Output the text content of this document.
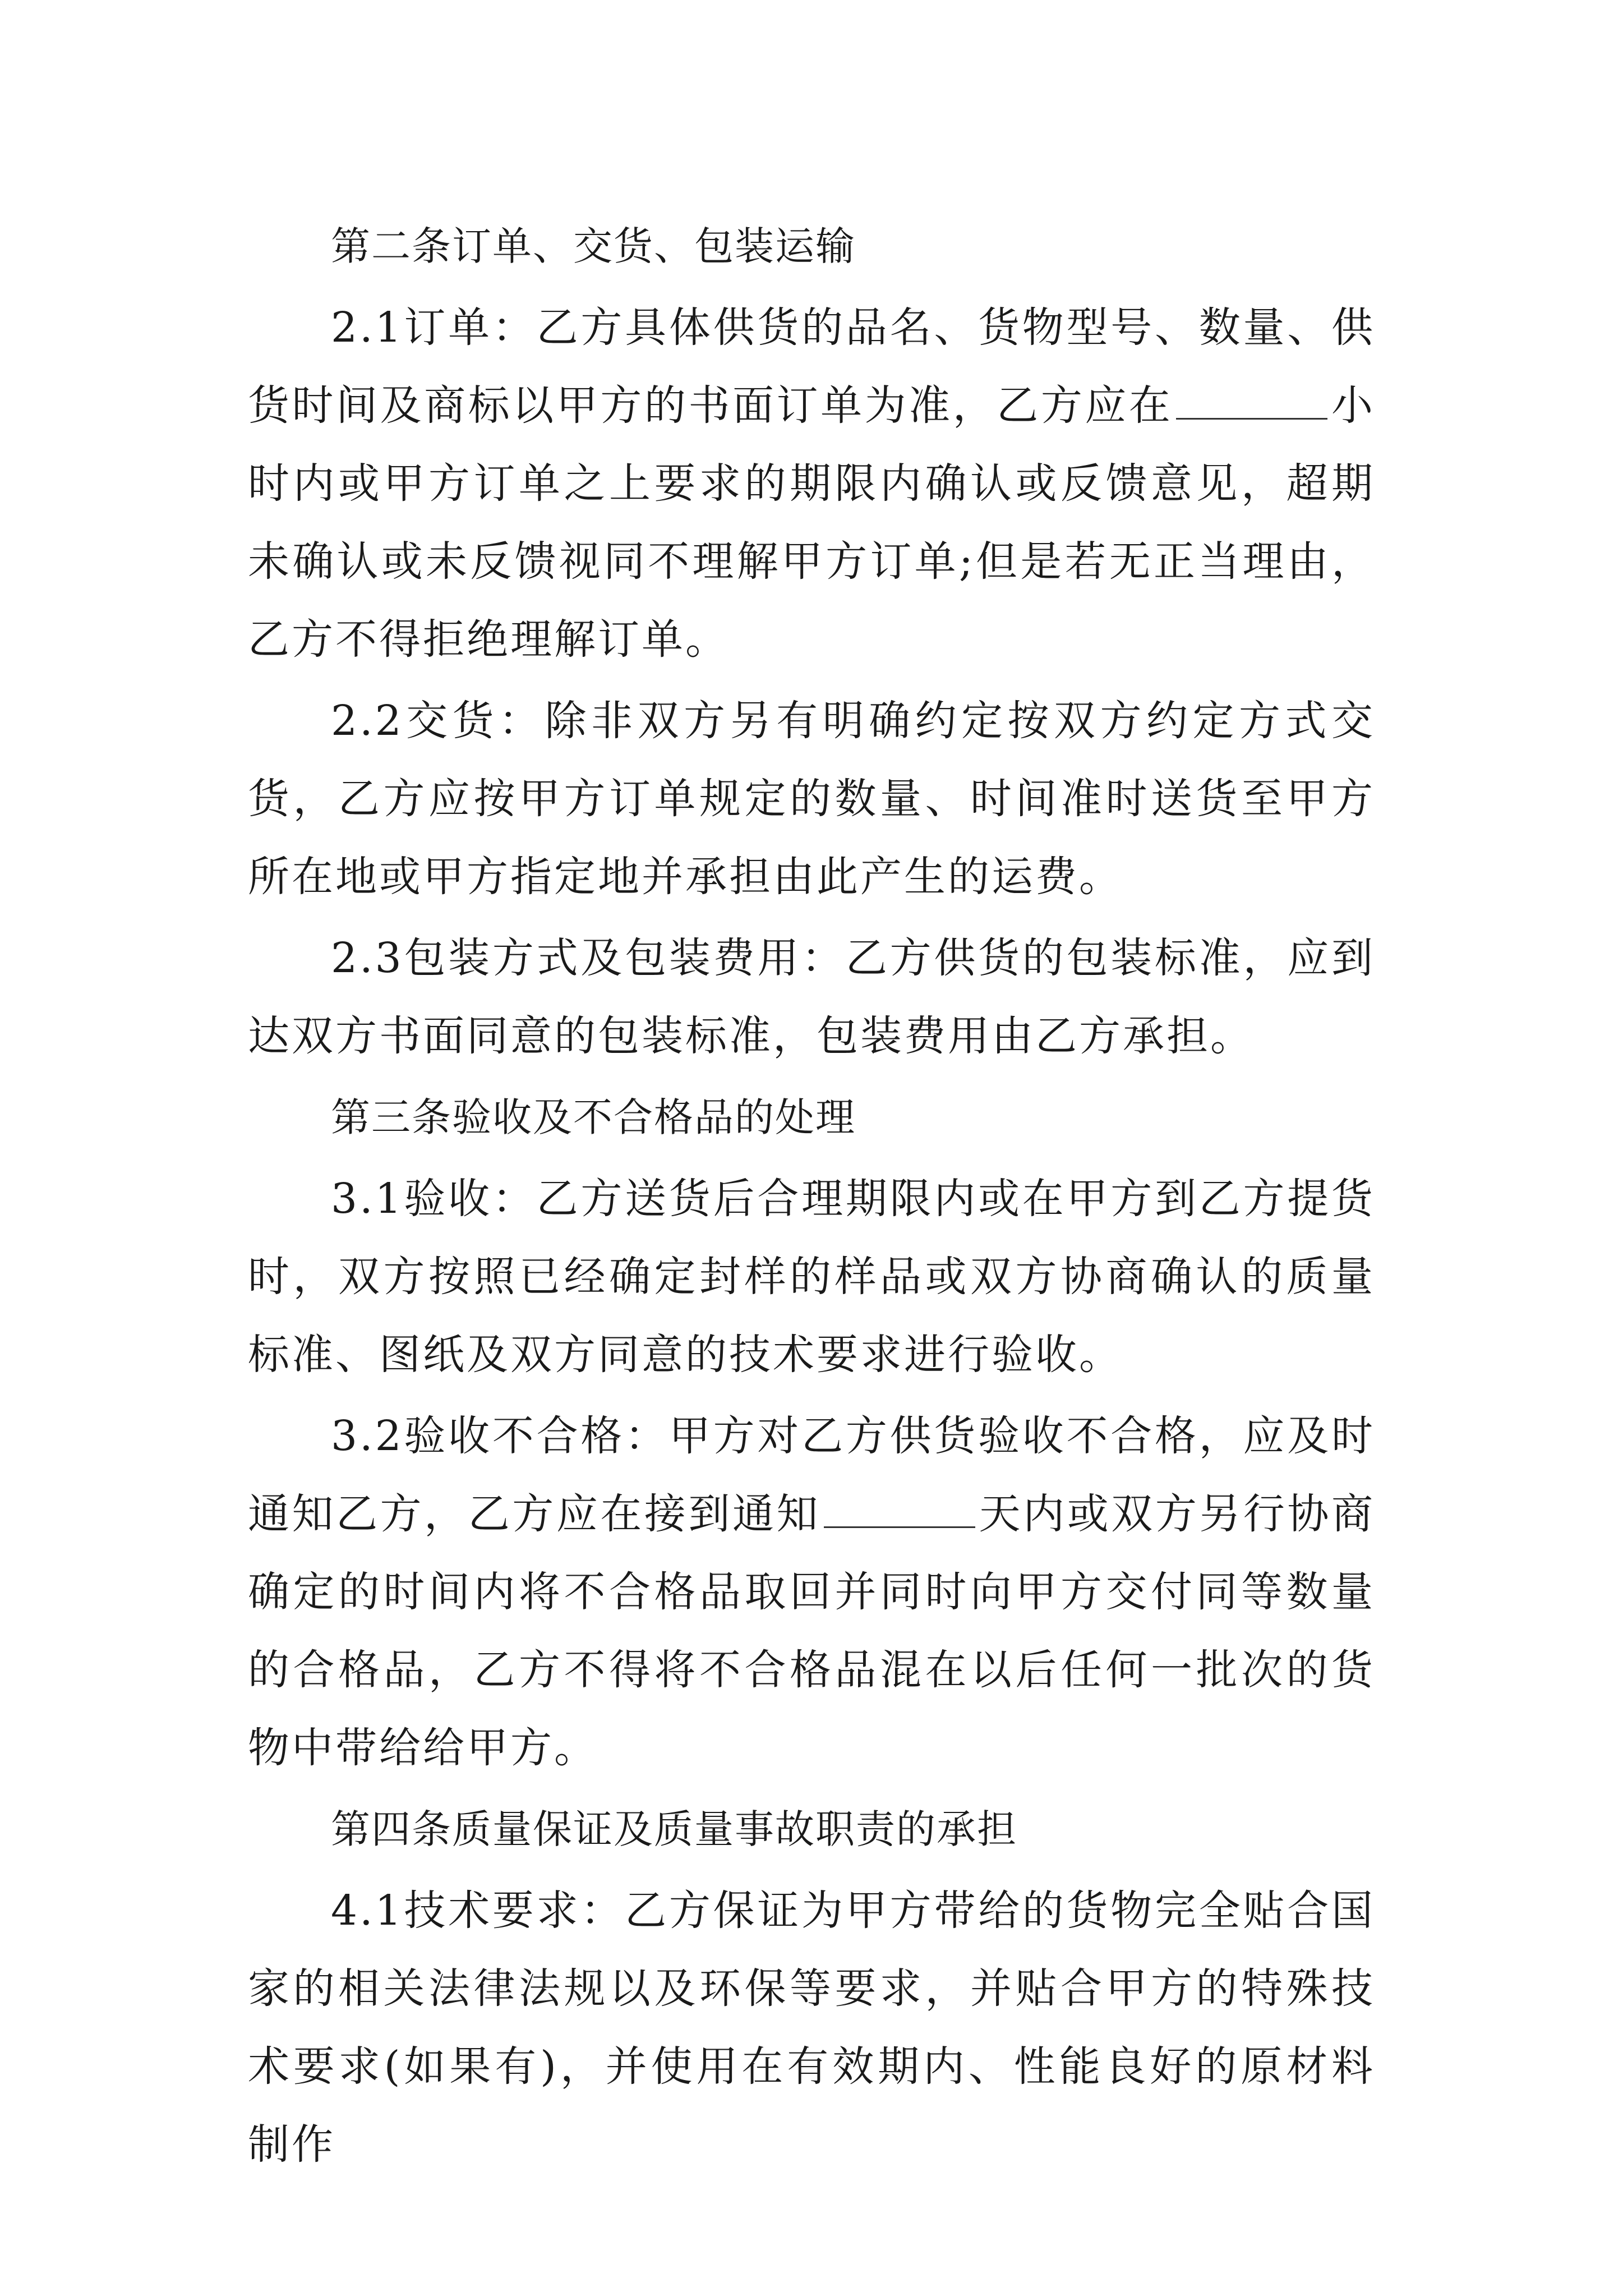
第二条订单、交货、包装运输

2.1订单：乙方具体供货的品名、货物型号、数量、供货时间及商标以甲方的书面订单为准，乙方应在	小时内或甲方订单之上要求的期限内确认或反馈意见，超期未确认或未反馈视同不理解甲方订单;但是若无正当理由，乙方不得拒绝理解订单。

2.2交货：除非双方另有明确约定按双方约定方式交货，乙方应按甲方订单规定的数量、时间准时送货至甲方所在地或甲方指定地并承担由此产生的运费。

2.3包装方式及包装费用：乙方供货的包装标准，应到达双方书面同意的包装标准，包装费用由乙方承担。

第三条验收及不合格品的处理

3.1验收：乙方送货后合理期限内或在甲方到乙方提货时，双方按照已经确定封样的样品或双方协商确认的质量标准、图纸及双方同意的技术要求进行验收。

3.2验收不合格：甲方对乙方供货验收不合格，应及时通知乙方，乙方应在接到通知	天内或双方另行协商确定的时间内将不合格品取回并同时向甲方交付同等数量的合格品，乙方不得将不合格品混在以后任何一批次的货物中带给给甲方。

第四条质量保证及质量事故职责的承担

4.1技术要求：乙方保证为甲方带给的货物完全贴合国家的相关法律法规以及环保等要求，并贴合甲方的特殊技术要求(如果有)，并使用在有效期内、性能良好的原材料制作
